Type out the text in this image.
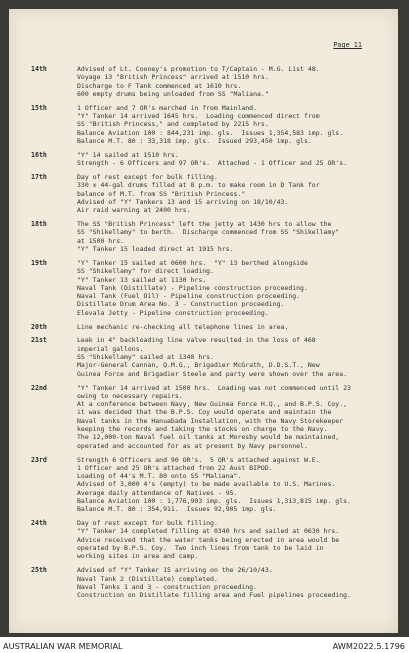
Page 11
14th	Advised of Lt. Cooney's promotion to T/Captain - M.G. List 48.
Voyage 13 "British Princess" arrived at 1510 hrs.
Discharge to F Tank commenced at 1610 hrs.
600 empty drums being unloaded from SS "Maliana."
15th	1 Officer and 7 OR's marched in from Mainland.
"Y" Tanker 14 arrived 1645 hrs.  Loading commenced direct from
SS "British Princess," and completed by 2215 hrs.
Balance Aviation 100 : 844,231 imp. gls.  Issues 1,354,583 imp. gls.
Balance M.T. 80 : 33,318 imp. gls.  Issued 293,450 imp. gls.
16th	"Y" 14 sailed at 1510 hrs.
Strength - 6 Officers and 97 OR's.  Attached - 1 Officer and 25 OR's.
17th	Day of rest except for bulk filling.
330 x 44-gal drums filled at 8 p.m. to make room in D Tank for
balance of M.T. from SS "British Princess."
Advised of "Y" Tankers 13 and 15 arriving on 18/10/43.
Air raid warning at 2400 hrs.
18th	The SS "British Princess" left the jetty at 1430 hrs to allow the
SS "Shikellamy" to berth.  Discharge commenced from SS "Shikellamy"
at 1500 hrs.
"Y" Tanker 15 loaded direct at 1915 hrs.
19th	"Y" Tanker 15 sailed at 0600 hrs.  "Y" 13 berthed alongside
SS "Shikellamy" for direct loading.
"Y" Tanker 13 sailed at 1130 hrs.
Naval Tank (Distillate) - Pipeline construction proceeding.
Naval Tank (Fuel Oil) - Pipeline construction proceeding.
Distillate Drum Area No. 3 - Construction proceeding.
Elevala Jetty - Pipeline construction proceeding.
20th	Line mechanic re-checking all telephone lines in area.
21st	Leak in 4" backloading line valve resulted in the loss of 468
imperial gallons.
SS "Shikellamy" sailed at 1340 hrs.
Major-General Cannan, Q.M.G., Brigadier McGrath, D.D.S.T., New
Guinea Force and Brigadier Steele and party were shown over the area.
22nd	"Y" Tanker 14 arrived at 1500 hrs.  Loading was not commenced until 23
owing to necessary repairs.
At a conference between Navy, New Guinea Force H.Q., and B.P.S. Coy.,
it was decided that the B.P.S. Coy would operate and maintain the
Naval tanks in the Hanuabada Installation, with the Navy Storekeeper
keeping the records and taking the stocks on charge to the Navy.
The 12,000-ton Naval fuel oil tanks at Moresby would be maintained,
operated and accounted for as at present by Navy personnel.
23rd	Strength 6 Officers and 90 OR's.  5 OR's attached against W.E.
1 Officer and 25 OR's attached from 22 Aust BIPOD.
Loading of 44's M.T. 80 onto SS "Maliana".
Advised of 3,000 4's (empty) to be made available to U.S. Marines.
Average daily attendance of Natives - 95.
Balance Aviation 100 : 1,776,903 imp. gls.  Issues 1,313,815 imp. gls.
Balance M.T. 80 : 354,911.  Issues 92,905 imp. gls.
24th	Day of rest except for bulk filling.
"Y" Tanker 14 completed filling at 0340 hrs and sailed at 0630 hrs.
Advice received that the water tanks being erected in area would be
operated by B.P.S. Coy.  Two inch lines from tank to be laid in
working sites in area and camp.
25th	Advised of "Y" Tanker 15 arriving on the 26/10/43.
Naval Tank 2 (Distillate) completed.
Naval Tanks 1 and 3 - construction proceeding.
Construction on Distillate filling area and Fuel pipelines proceeding.
AUSTRALIAN WAR MEMORIAL	AWM2022.5.1796
